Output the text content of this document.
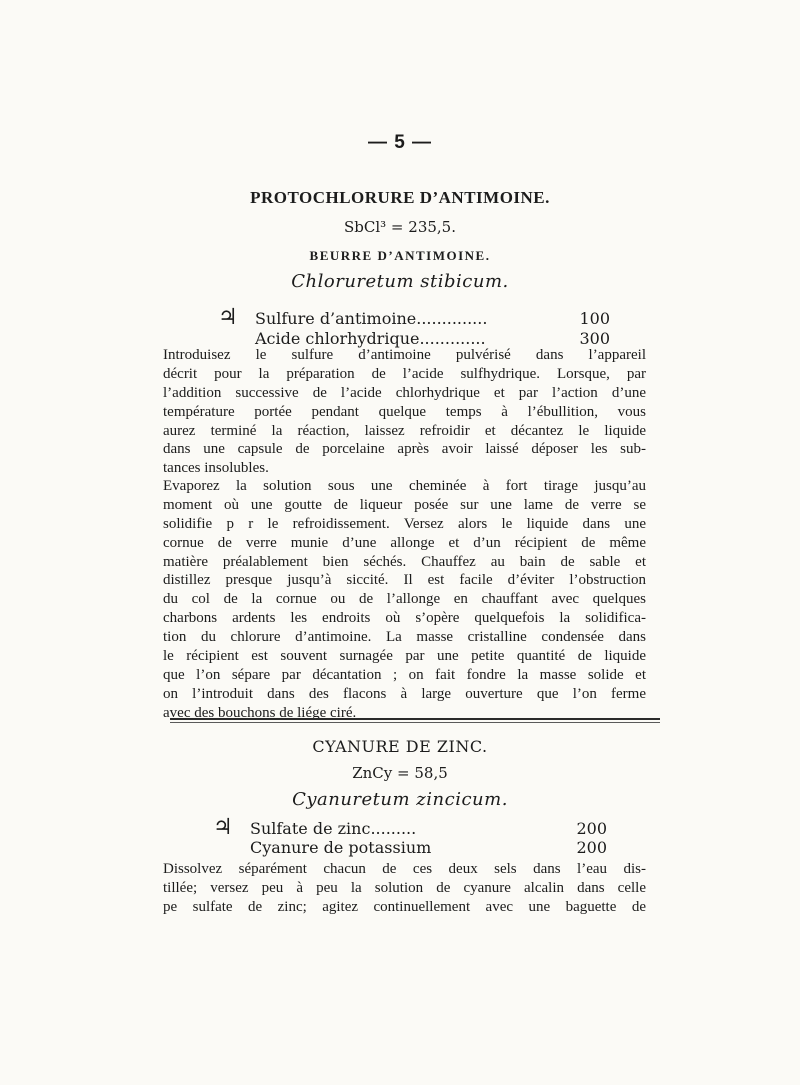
— 5 —
PROTOCHLORURE D’ANTIMOINE.
SbCl³ = 235,5.
BEURRE D’ANTIMOINE.
Chloruretum stibicum.
♃ Sulfure d’antimoine..............	100
Acide chlorhydrique.............	300
Introduisez le sulfure d’antimoine pulvérisé dans l’appareil
décrit pour la préparation de l’acide sulfhydrique. Lorsque, par
l’addition successive de l’acide chlorhydrique et par l’action d’une
température portée pendant quelque temps à l’ébullition, vous
aurez terminé la réaction, laissez refroidir et décantez le liquide
dans une capsule de porcelaine après avoir laissé déposer les sub-
tances insolubles.
Evaporez la solution sous une cheminée à fort tirage jusqu’au
moment où une goutte de liqueur posée sur une lame de verre se
solidifie p r le refroidissement. Versez alors le liquide dans une
cornue de verre munie d’une allonge et d’un récipient de même
matière préalablement bien séchés. Chauffez au bain de sable et
distillez presque jusqu’à siccité. Il est facile d’éviter l’obstruction
du col de la cornue ou de l’allonge en chauffant avec quelques
charbons ardents les endroits où s’opère quelquefois la solidifica-
tion du chlorure d’antimoine. La masse cristalline condensée dans
le récipient est souvent surnagée par une petite quantité de liquide
que l’on sépare par décantation ; on fait fondre la masse solide et
on l’introduit dans des flacons à large ouverture que l’on ferme
avec des bouchons de liége ciré.
CYANURE DE ZINC.
ZnCy = 58,5
Cyanuretum zincicum.
♃ Sulfate de zinc.........	200
Cyanure de potassium	200
Dissolvez séparément chacun de ces deux sels dans l’eau dis-
tillée; versez peu à peu la solution de cyanure alcalin dans celle
pe sulfate de zinc; agitez continuellement avec une baguette de
